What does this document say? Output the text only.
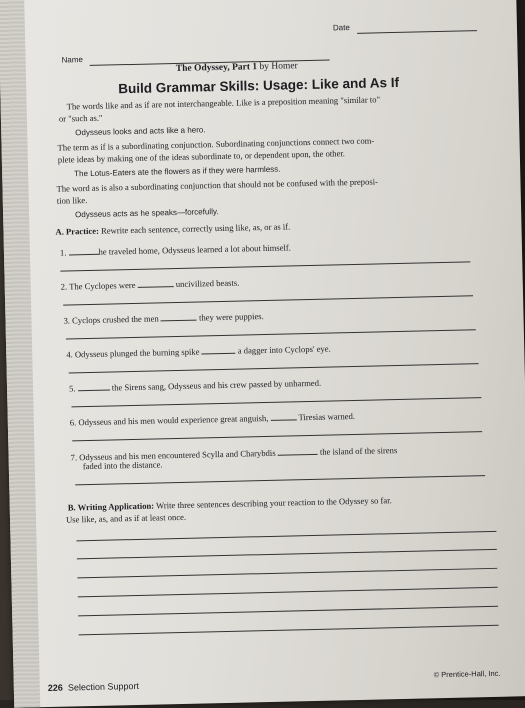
Name
Date
The Odyssey, Part 1 by Homer
Build Grammar Skills: Usage: Like and As If
The words like and as if are not interchangeable. Like is a preposition meaning "similar to"
or "such as."
Odysseus looks and acts like a hero.
The term as if is a subordinating conjunction. Subordinating conjunctions connect two com-
plete ideas by making one of the ideas subordinate to, or dependent upon, the other.
The Lotus-Eaters ate the flowers as if they were harmless.
The word as is also a subordinating conjunction that should not be confused with the preposi-
tion like.
Odysseus acts as he speaks—forcefully.
A. Practice: Rewrite each sentence, correctly using like, as, or as if.
1.	he traveled home, Odysseus learned a lot about himself.
2. The Cyclopes were	uncivilized beasts.
3. Cyclops crushed the men	they were puppies.
4. Odysseus plunged the burning spike	a dagger into Cyclops' eye.
5.	the Sirens sang, Odysseus and his crew passed by unharmed.
6. Odysseus and his men would experience great anguish,	Tiresias warned.
7. Odysseus and his men encountered Scylla and Charybdis	the island of the sirens
faded into the distance.
B. Writing Application: Write three sentences describing your reaction to the Odyssey so far.
Use like, as, and as if at least once.
226 Selection Support
© Prentice-Hall, Inc.
